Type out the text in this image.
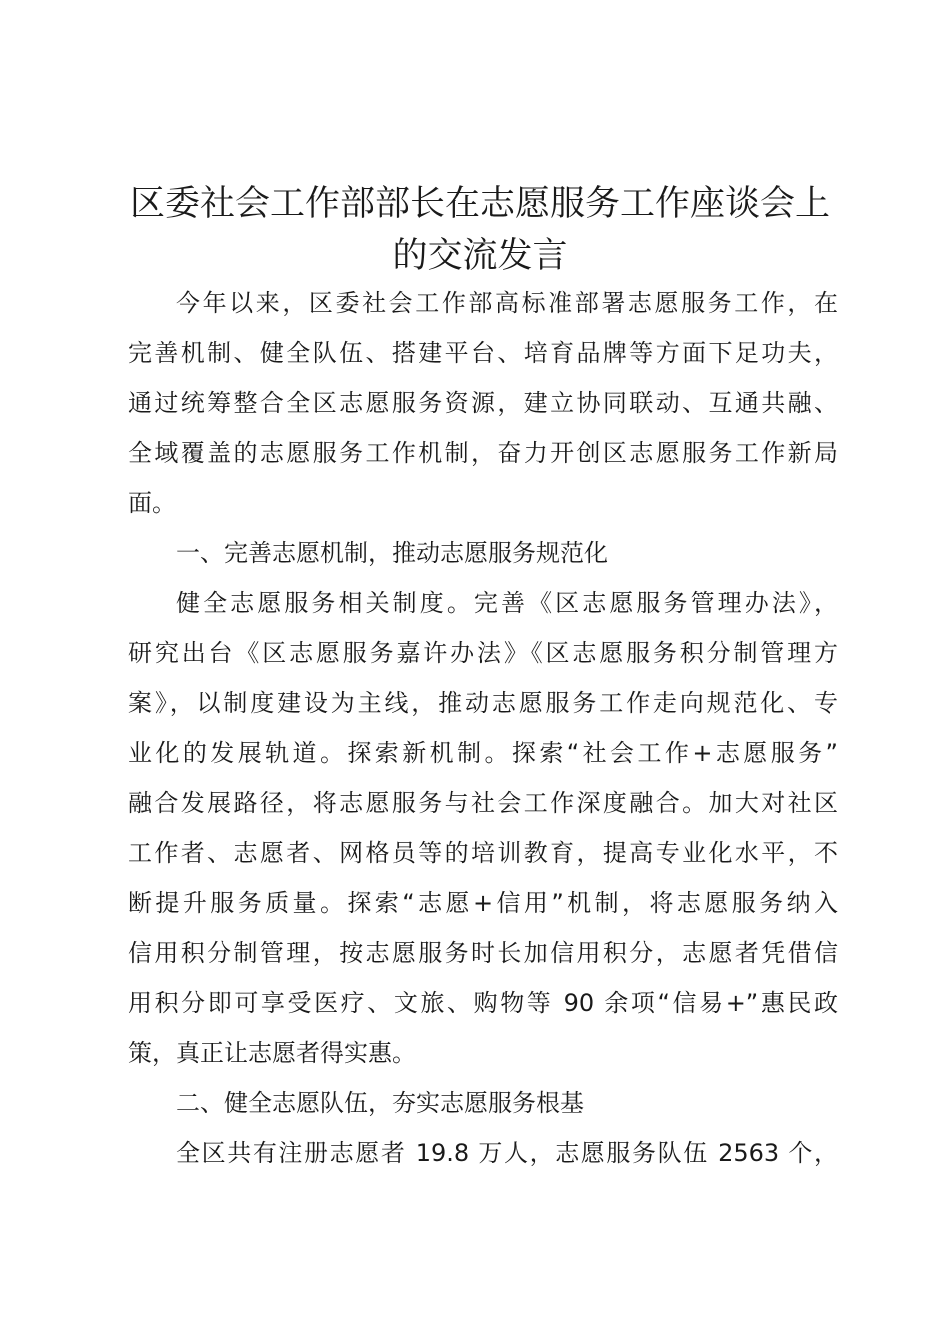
区委社会工作部部长在志愿服务工作座谈会上
的交流发言
今年以来，区委社会工作部高标准部署志愿服务工作，在
完善机制、健全队伍、搭建平台、培育品牌等方面下足功夫，
通过统筹整合全区志愿服务资源，建立协同联动、互通共融、
全域覆盖的志愿服务工作机制，奋力开创区志愿服务工作新局
面。
一、完善志愿机制，推动志愿服务规范化
健全志愿服务相关制度。完善《区志愿服务管理办法》，
研究出台《区志愿服务嘉许办法》《区志愿服务积分制管理方
案》，以制度建设为主线，推动志愿服务工作走向规范化、专
业化的发展轨道。探索新机制。探索“社会工作+志愿服务”
融合发展路径，将志愿服务与社会工作深度融合。加大对社区
工作者、志愿者、网格员等的培训教育，提高专业化水平，不
断提升服务质量。探索“志愿+信用”机制，将志愿服务纳入
信用积分制管理，按志愿服务时长加信用积分，志愿者凭借信
用积分即可享受医疗、文旅、购物等 90 余项“信易+”惠民政
策，真正让志愿者得实惠。
二、健全志愿队伍，夯实志愿服务根基
全区共有注册志愿者 19.8 万人，志愿服务队伍 2563 个，
